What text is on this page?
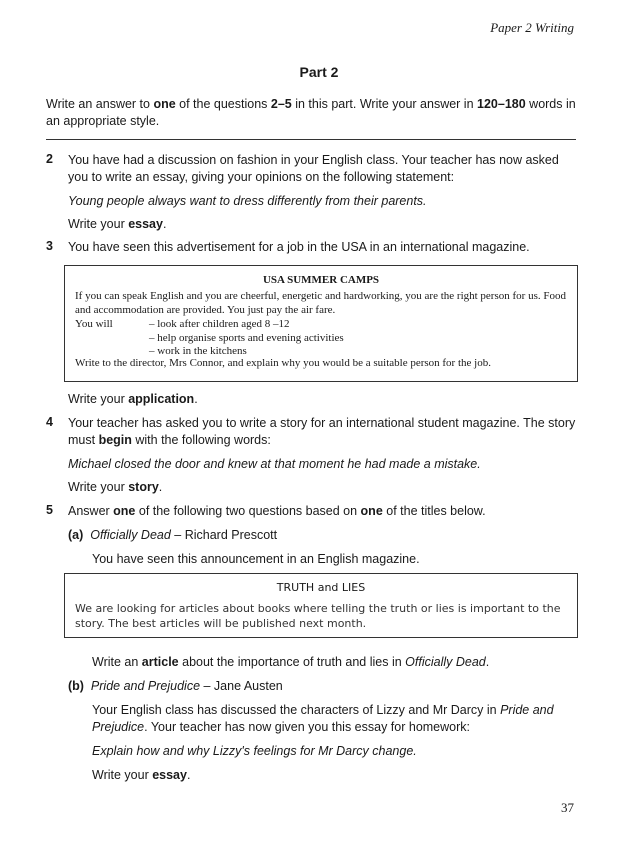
Paper 2 Writing
Part 2
Write an answer to one of the questions 2–5 in this part. Write your answer in 120–180 words in an appropriate style.
2 You have had a discussion on fashion in your English class. Your teacher has now asked you to write an essay, giving your opinions on the following statement:
Young people always want to dress differently from their parents.
Write your essay.
3 You have seen this advertisement for a job in the USA in an international magazine.
USA SUMMER CAMPS
If you can speak English and you are cheerful, energetic and hardworking, you are the right person for us. Food and accommodation are provided. You just pay the air fare.
You will
–	look after children aged 8 –12
– help organise sports and evening activities
– work in the kitchens
Write to the director, Mrs Connor, and explain why you would be a suitable person for the job.
Write your application.
4 Your teacher has asked you to write a story for an international student magazine. The story must begin with the following words:
Michael closed the door and knew at that moment he had made a mistake.
Write your story.
5 Answer one of the following two questions based on one of the titles below.
(a) Officially Dead – Richard Prescott
You have seen this announcement in an English magazine.
TRUTH and LIES
We are looking for articles about books where telling the truth or lies is important to the story. The best articles will be published next month.
Write an article about the importance of truth and lies in Officially Dead.
(b) Pride and Prejudice – Jane Austen
Your English class has discussed the characters of Lizzy and Mr Darcy in Pride and Prejudice. Your teacher has now given you this essay for homework:
Explain how and why Lizzy's feelings for Mr Darcy change.
Write your essay.
37
